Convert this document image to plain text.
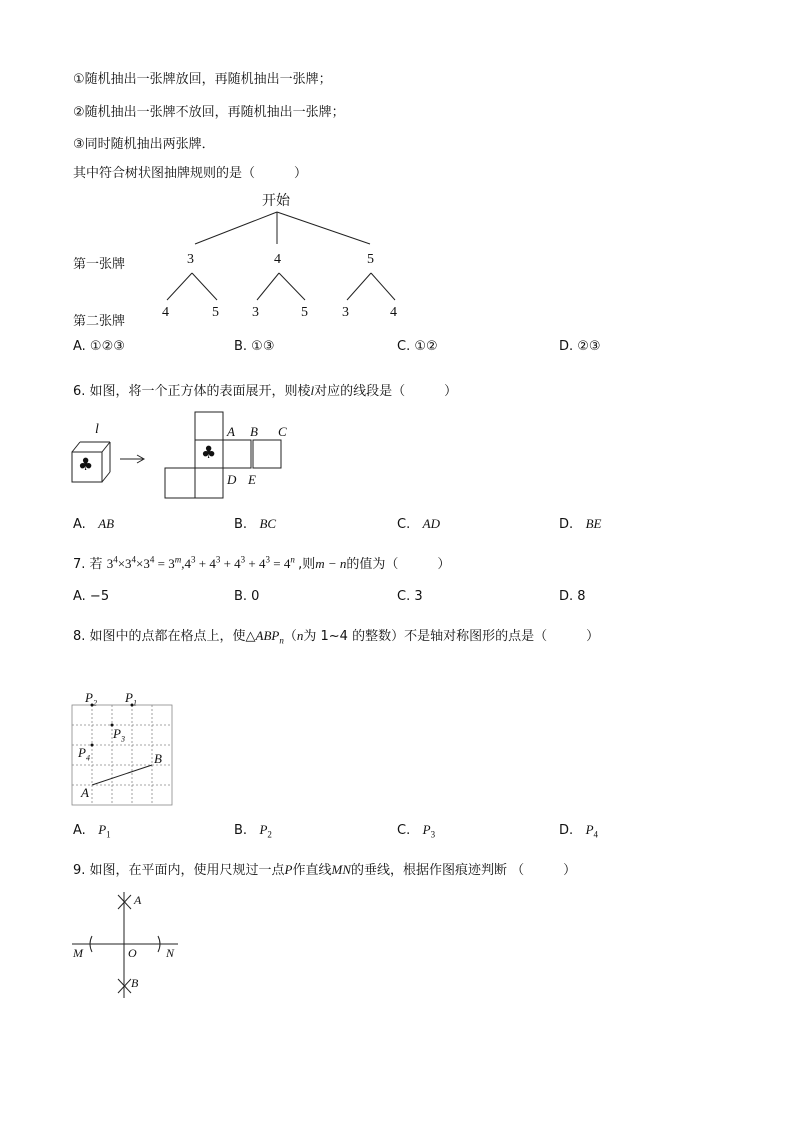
①随机抽出一张牌放回，再随机抽出一张牌；
②随机抽出一张牌不放回，再随机抽出一张牌；
③同时随机抽出两张牌．
其中符合树状图抽牌规则的是（　　　）
开始
第一张牌
第二张牌
3	4	5
4	5 3	5 3	4
A. ①②③	B. ①③	C. ①②	D. ②③
6. 如图，将一个正方体的表面展开，则棱l对应的线段是（　　　）
l
♣
♣
A B C
D E
A. AB	B. BC	C. AD	D. BE
7. 若 $3^4\times 3^4\times 3^4 = 3^m,4^3 + 4^3 + 4^3 + 4^3 = 4^n$ ,则m − n的值为（　　　）
A. −5	B. 0	C. 3	D. 8
8. 如图中的点都在格点上，使$\triangle ABP_n(n$为 1~4 的整数）不是轴对称图形的点是（　　　）
$P_2$ $P_1$
$P_3$
$P_4$
A
B
A. $P_1$	B. $P_2$	C. $P_3$	D. $P_4$
9. 如图，在平面内，使用尺规过一点P作直线MN的垂线，根据作图痕迹判断 （　　　）
A
M	O N
B
